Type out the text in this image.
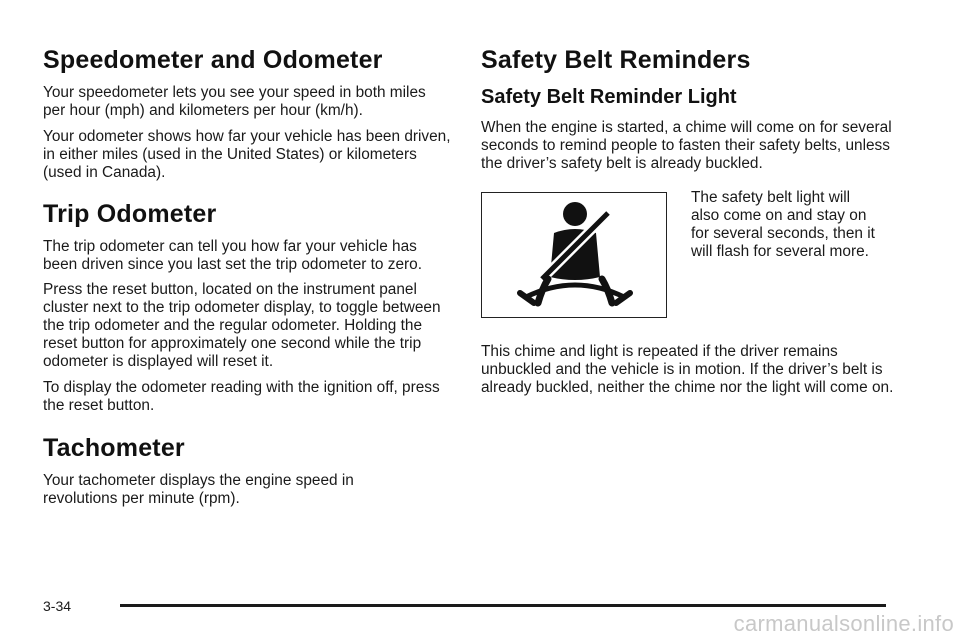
Speedometer and Odometer

Your speedometer lets you see your speed in both miles per hour (mph) and kilometers per hour (km/h).

Your odometer shows how far your vehicle has been driven, in either miles (used in the United States) or kilometers (used in Canada).

Trip Odometer

The trip odometer can tell you how far your vehicle has been driven since you last set the trip odometer to zero.

Press the reset button, located on the instrument panel cluster next to the trip odometer display, to toggle between the trip odometer and the regular odometer. Holding the reset button for approximately one second while the trip odometer is displayed will reset it.

To display the odometer reading with the ignition off, press the reset button.

Tachometer

Your tachometer displays the engine speed in revolutions per minute (rpm).

Safety Belt Reminders
Safety Belt Reminder Light

When the engine is started, a chime will come on for several seconds to remind people to fasten their safety belts, unless the driver’s safety belt is already buckled.

The safety belt light will also come on and stay on for several seconds, then it will flash for several more.

This chime and light is repeated if the driver remains unbuckled and the vehicle is in motion. If the driver’s belt is already buckled, neither the chime nor the light will come on.

3-34
carmanualsonline.info
